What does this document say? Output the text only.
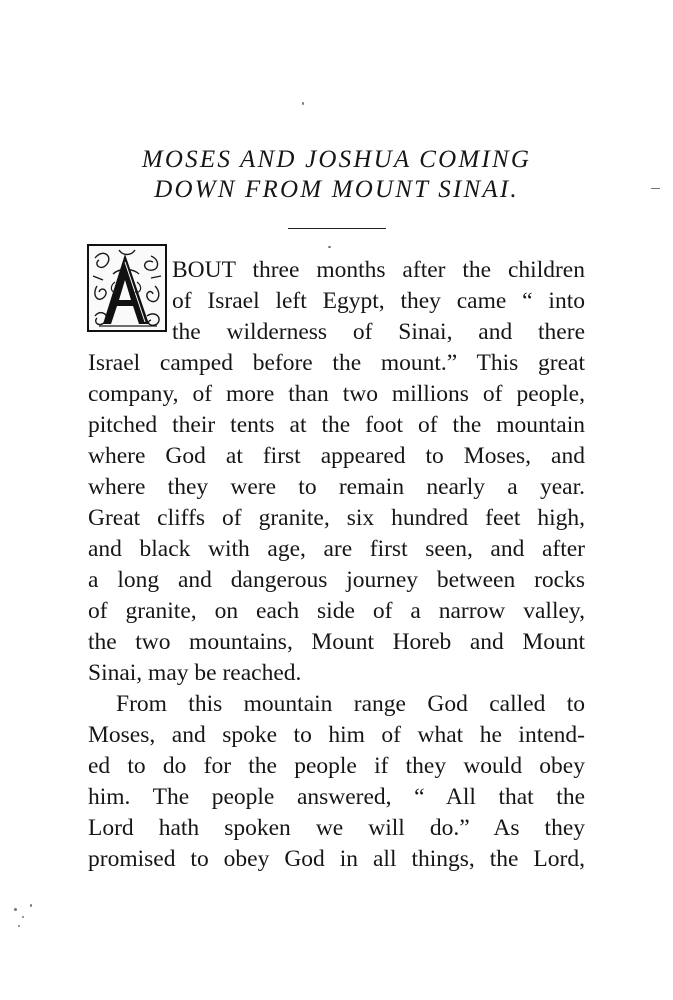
MOSES AND JOSHUA COMING
DOWN FROM MOUNT SINAI.
BOUT three months after the children
of Israel left Egypt, they came “ into
the wilderness of Sinai, and there
Israel camped before the mount.” This great
company, of more than two millions of people,
pitched their tents at the foot of the mountain
where God at first appeared to Moses, and
where they were to remain nearly a year.
Great cliffs of granite, six hundred feet high,
and black with age, are first seen, and after
a long and dangerous journey between rocks
of granite, on each side of a narrow valley,
the two mountains, Mount Horeb and Mount
Sinai, may be reached.
From this mountain range God called to
Moses, and spoke to him of what he intend-
ed to do for the people if they would obey
him. The people answered, “ All that the
Lord hath spoken we will do.” As they
promised to obey God in all things, the Lord,
